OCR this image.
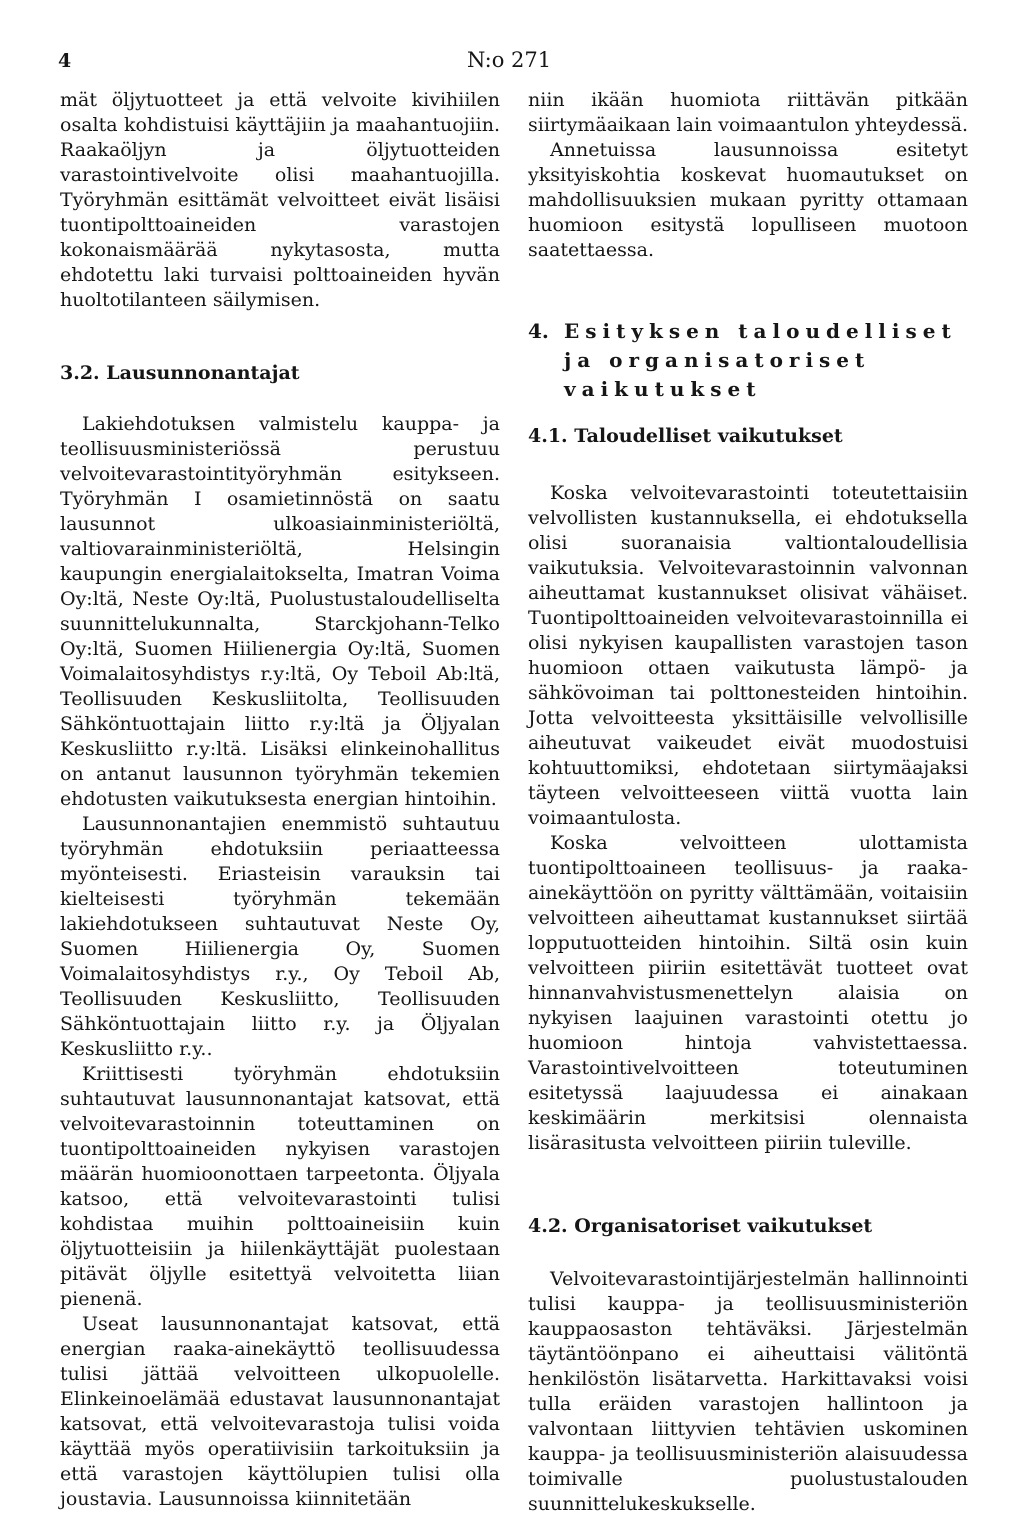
4	N:o 271

mät öljytuotteet ja että velvoite kivihiilen osalta kohdistuisi käyttäjiin ja maahantuojiin. Raakaöljyn ja öljytuotteiden varastointivelvoite olisi maahantuojilla. Työryhmän esittämät velvoitteet eivät lisäisi tuontipolttoaineiden varastojen kokonaismäärää nykytasosta, mutta ehdotettu laki turvaisi polttoaineiden hyvän huoltotilanteen säilymisen.

3.2. Lausunnonantajat

Lakiehdotuksen valmistelu kauppa- ja teollisuusministeriössä perustuu velvoitevarastointityöryhmän esitykseen. Työryhmän I osamietinnöstä on saatu lausunnot ulkoasiainministeriöltä, valtiovarainministeriöltä, Helsingin kaupungin energialaitokselta, Imatran Voima Oy:ltä, Neste Oy:ltä, Puolustustaloudelliselta suunnittelukunnalta, Starckjohann-Telko Oy:ltä, Suomen Hiilienergia Oy:ltä, Suomen Voimalaitosyhdistys r.y:ltä, Oy Teboil Ab:ltä, Teollisuuden Keskusliitolta, Teollisuuden Sähköntuottajain liitto r.y:ltä ja Öljyalan Keskusliitto r.y:ltä. Lisäksi elinkeinohallitus on antanut lausunnon työryhmän tekemien ehdotusten vaikutuksesta energian hintoihin.

Lausunnonantajien enemmistö suhtautuu työryhmän ehdotuksiin periaatteessa myönteisesti. Eriasteisin varauksin tai kielteisesti työryhmän tekemään lakiehdotukseen suhtautuvat Neste Oy, Suomen Hiilienergia Oy, Suomen Voimalaitosyhdistys r.y., Oy Teboil Ab, Teollisuuden Keskusliitto, Teollisuuden Sähköntuottajain liitto r.y. ja Öljyalan Keskusliitto r.y..

Kriittisesti työryhmän ehdotuksiin suhtautuvat lausunnonantajat katsovat, että velvoitevarastoinnin toteuttaminen on tuontipolttoaineiden nykyisen varastojen määrän huomioonottaen tarpeetonta. Öljyala katsoo, että velvoitevarastointi tulisi kohdistaa muihin polttoaineisiin kuin öljytuotteisiin ja hiilenkäyttäjät puolestaan pitävät öljylle esitettyä velvoitetta liian pienenä.

Useat lausunnonantajat katsovat, että energian raaka-ainekäyttö teollisuudessa tulisi jättää velvoitteen ulkopuolelle. Elinkeinoelämää edustavat lausunnonantajat katsovat, että velvoitevarastoja tulisi voida käyttää myös operatiivisiin tarkoituksiin ja että varastojen käyttölupien tulisi olla joustavia. Lausunnoissa kiinnitetään

niin ikään huomiota riittävän pitkään siirtymäaikaan lain voimaantulon yhteydessä.

Annetuissa lausunnoissa esitetyt yksityiskohtia koskevat huomautukset on mahdollisuuksien mukaan pyritty ottamaan huomioon esitystä lopulliseen muotoon saatettaessa.

4. Esityksen taloudelliset ja organisatoriset vaikutukset
4.1. Taloudelliset vaikutukset

Koska velvoitevarastointi toteutettaisiin velvollisten kustannuksella, ei ehdotuksella olisi suoranaisia valtiontaloudellisia vaikutuksia. Velvoitevarastoinnin valvonnan aiheuttamat kustannukset olisivat vähäiset. Tuontipolttoaineiden velvoitevarastoinnilla ei olisi nykyisen kaupallisten varastojen tason huomioon ottaen vaikutusta lämpö- ja sähkövoiman tai polttonesteiden hintoihin. Jotta velvoitteesta yksittäisille velvollisille aiheutuvat vaikeudet eivät muodostuisi kohtuuttomiksi, ehdotetaan siirtymäajaksi täyteen velvoitteeseen viittä vuotta lain voimaantulosta.

Koska velvoitteen ulottamista tuontipolttoaineen teollisuus- ja raaka-ainekäyttöön on pyritty välttämään, voitaisiin velvoitteen aiheuttamat kustannukset siirtää lopputuotteiden hintoihin. Siltä osin kuin velvoitteen piiriin esitettävät tuotteet ovat hinnanvahvistusmenettelyn alaisia on nykyisen laajuinen varastointi otettu jo huomioon hintoja vahvistettaessa. Varastointivelvoitteen toteutuminen esitetyssä laajuudessa ei ainakaan keskimäärin merkitsisi olennaista lisärasitusta velvoitteen piiriin tuleville.

4.2. Organisatoriset vaikutukset

Velvoitevarastointijärjestelmän hallinnointi tulisi kauppa- ja teollisuusministeriön kauppaosaston tehtäväksi. Järjestelmän täytäntöönpano ei aiheuttaisi välitöntä henkilöstön lisätarvetta. Harkittavaksi voisi tulla eräiden varastojen hallintoon ja valvontaan liittyvien tehtävien uskominen kauppa- ja teollisuusministeriön alaisuudessa toimivalle puolustustalouden suunnittelukeskukselle.
